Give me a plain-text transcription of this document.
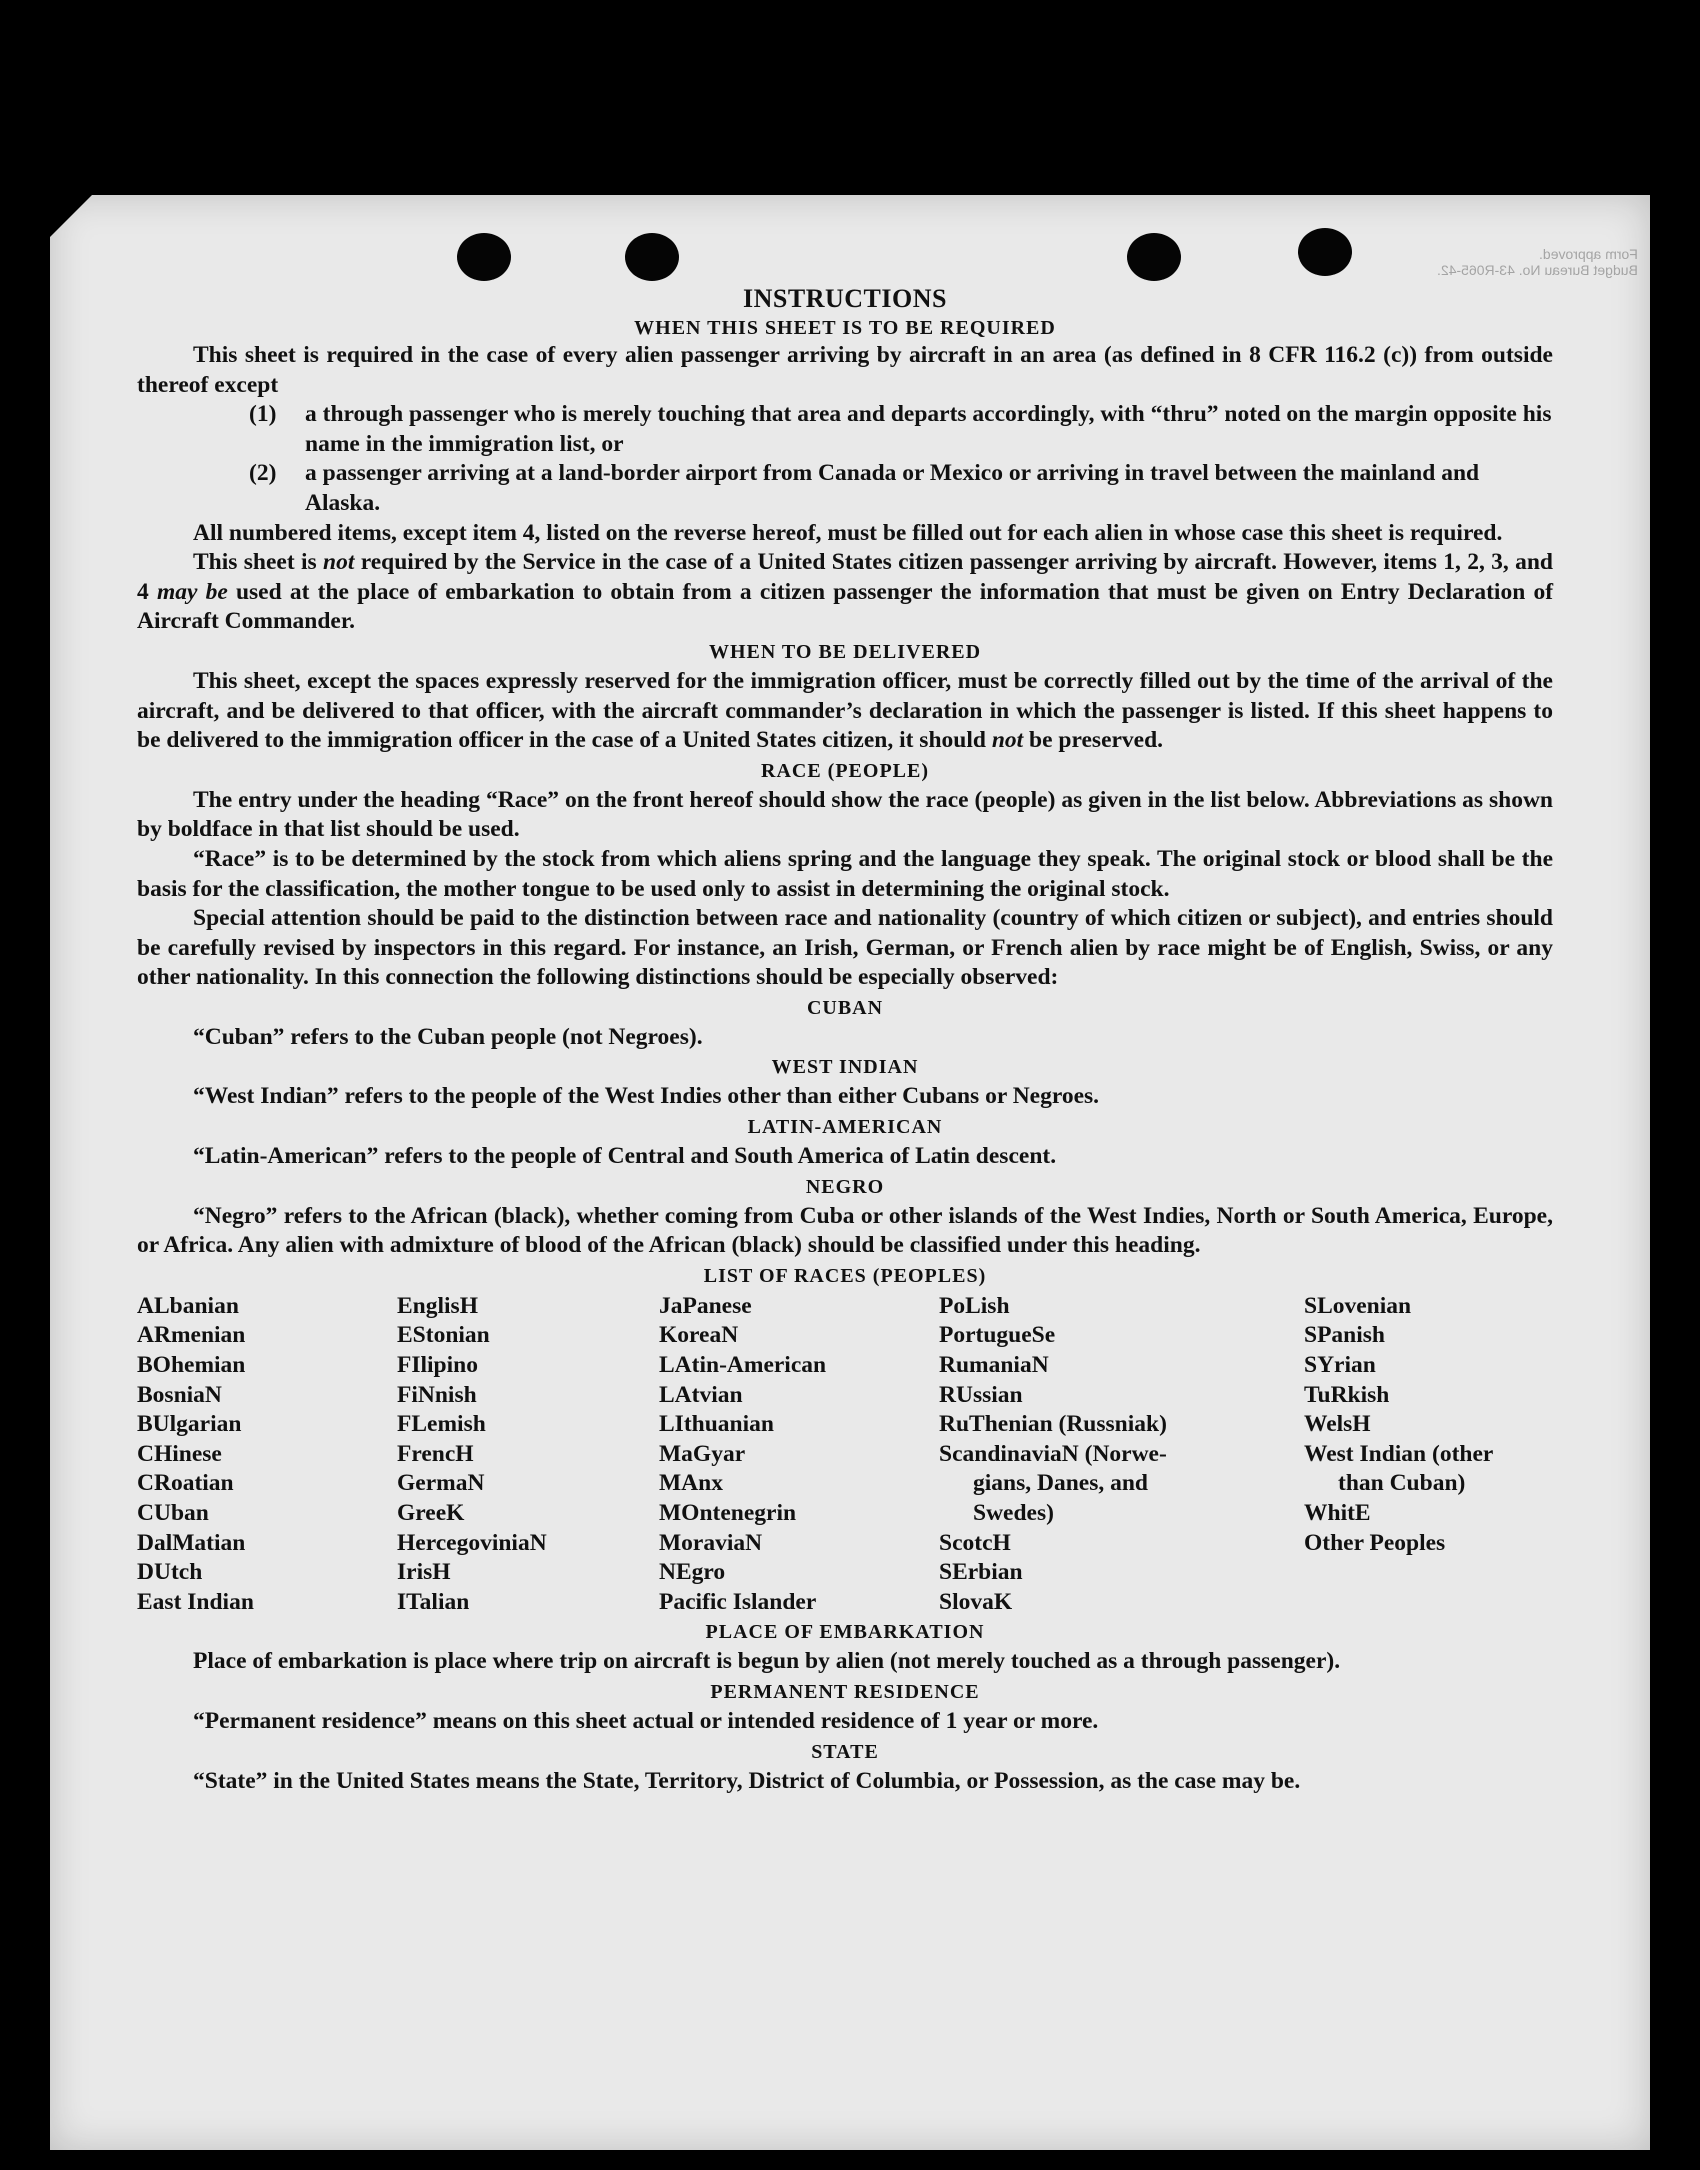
Form approved.
Budget Bureau No. 43-R065-42.
INSTRUCTIONS
WHEN THIS SHEET IS TO BE REQUIRED

This sheet is required in the case of every alien passenger arriving by aircraft in an area (as defined in 8 CFR 116.2 (c)) from outside thereof except

(1)	a through passenger who is merely touching that area and departs accordingly, with “thru” noted on the margin opposite his name in the immigration list, or
(2)	a passenger arriving at a land-border airport from Canada or Mexico or arriving in travel between the mainland and Alaska.

All numbered items, except item 4, listed on the reverse hereof, must be filled out for each alien in whose case this sheet is required.

This sheet is not required by the Service in the case of a United States citizen passenger arriving by aircraft. However, items 1, 2, 3, and 4 may be used at the place of embarkation to obtain from a citizen passenger the information that must be given on Entry Declaration of Aircraft Commander.

WHEN TO BE DELIVERED

This sheet, except the spaces expressly reserved for the immigration officer, must be correctly filled out by the time of the arrival of the aircraft, and be delivered to that officer, with the aircraft commander’s declaration in which the passenger is listed. If this sheet happens to be delivered to the immigration officer in the case of a United States citizen, it should not be preserved.

RACE (PEOPLE)

The entry under the heading “Race” on the front hereof should show the race (people) as given in the list below. Abbreviations as shown by boldface in that list should be used.

“Race” is to be determined by the stock from which aliens spring and the language they speak. The original stock or blood shall be the basis for the classification, the mother tongue to be used only to assist in determining the original stock.

Special attention should be paid to the distinction between race and nationality (country of which citizen or subject), and entries should be carefully revised by inspectors in this regard. For instance, an Irish, German, or French alien by race might be of English, Swiss, or any other nationality. In this connection the following distinctions should be especially observed:

CUBAN

“Cuban” refers to the Cuban people (not Negroes).

WEST INDIAN

“West Indian” refers to the people of the West Indies other than either Cubans or Negroes.

LATIN-AMERICAN

“Latin-American” refers to the people of Central and South America of Latin descent.

NEGRO

“Negro” refers to the African (black), whether coming from Cuba or other islands of the West Indies, North or South America, Europe, or Africa. Any alien with admixture of blood of the African (black) should be classified under this heading.

LIST OF RACES (PEOPLES)
ALbanian
ARmenian
BOhemian
BosniaN
BUlgarian
CHinese
CRoatian
CUban
DalMatian
DUtch
East Indian
EnglisH
EStonian
FIlipino
FiNnish
FLemish
FrencH
GermaN
GreeK
HercegoviniaN
IrisH
ITalian
JaPanese
KoreaN
LAtin-American
LAtvian
LIthuanian
MaGyar
MAnx
MOntenegrin
MoraviaN
NEgro
Pacific Islander
PoLish
PortugueSe
RumaniaN
RUssian
RuThenian (Russniak)
ScandinaviaN (Norwe-
gians, Danes, and
Swedes)
ScotcH
SErbian
SlovaK
SLovenian
SPanish
SYrian
TuRkish
WelsH
West Indian (other
than Cuban)
WhitE
Other Peoples
PLACE OF EMBARKATION

Place of embarkation is place where trip on aircraft is begun by alien (not merely touched as a through passenger).

PERMANENT RESIDENCE

“Permanent residence” means on this sheet actual or intended residence of 1 year or more.

STATE

“State” in the United States means the State, Territory, District of Columbia, or Possession, as the case may be.
